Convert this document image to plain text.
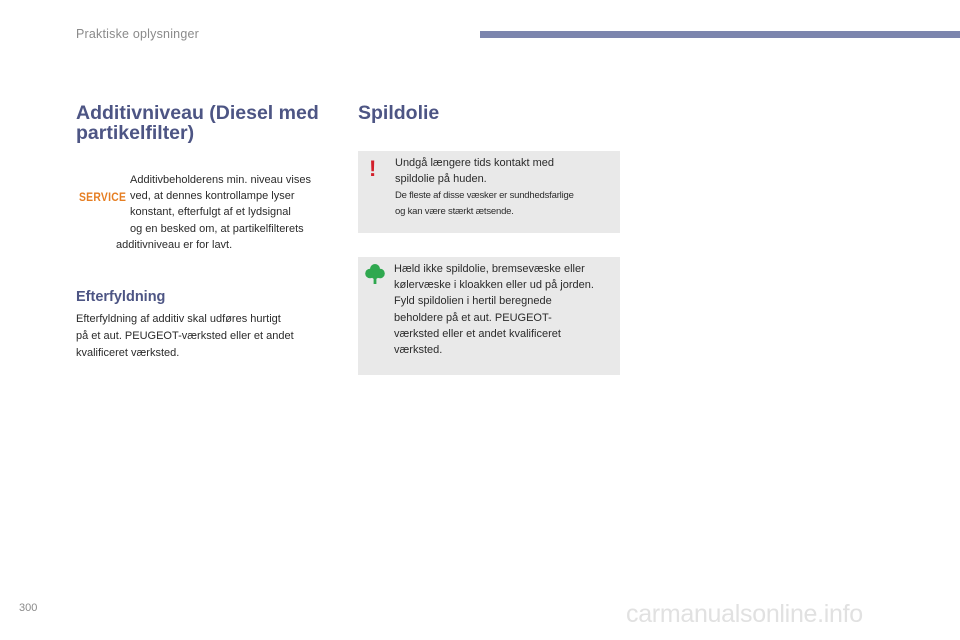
Praktiske oplysninger
Additivniveau (Diesel med partikelfilter)
SERVICE

Additivbeholderens min. niveau vises
ved, at dennes kontrollampe lyser
konstant, efterfulgt af et lydsignal
og en besked om, at partikelfilterets
additivniveau er for lavt.

Efterfyldning

Efterfyldning af additiv skal udføres hurtigt
på et aut. PEUGEOT-værksted eller et andet
kvalificeret værksted.

Spildolie
! Undgå længere tids kontakt med
spildolie på huden.

De fleste af disse væsker er sundhedsfarlige
og kan være stærkt ætsende.

Hæld ikke spildolie, bremsevæske eller
kølervæske i kloakken eller ud på jorden.
Fyld spildolien i hertil beregnede
beholdere på et aut. PEUGEOT-
værksted eller et andet kvalificeret
værksted.

300	carmanualsonline.info
